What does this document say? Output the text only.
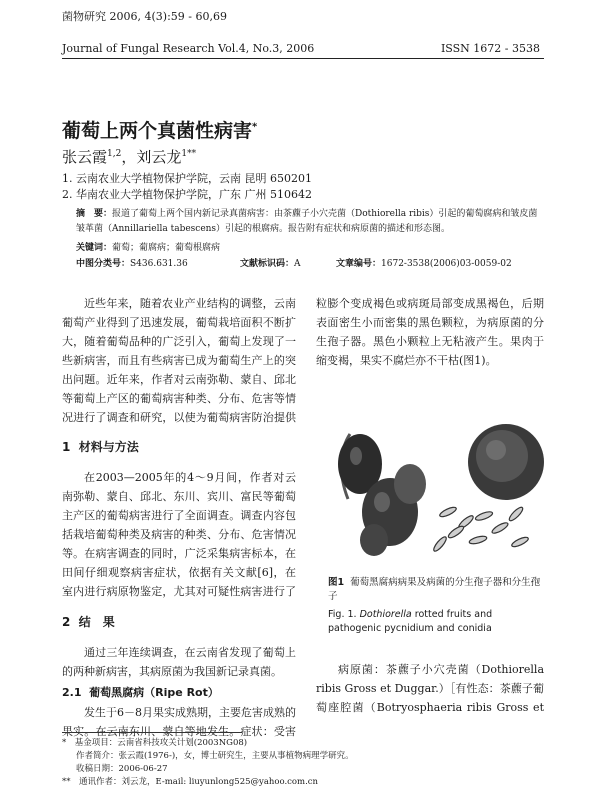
菌物研究 2006, 4(3):59 - 60,69
Journal of Fungal Research Vol.4, No.3, 2006	ISSN 1672 - 3538
葡萄上两个真菌性病害*
张云霞$^{1,2}$，刘云龙$^{1**}$
1. 云南农业大学植物保护学院，云南 昆明 650201
2. 华南农业大学植物保护学院，广东 广州 510642
摘　要：报道了葡萄上两个国内新记录真菌病害：由茶藨子小穴壳菌（Dothiorella ribis）引起的葡萄腐病和皱皮菌
皱革菌（Annillariella tabescens）引起的根腐病。报告附有症状和病原菌的描述和形态图。
关键词：葡萄；葡腐病；葡萄根腐病
中图分类号：S436.631.36	文献标识码：A	文章编号：1672-3538(2006)03-0059-02

近些年来，随着农业产业结构的调整，云南葡萄产业得到了迅速发展，葡萄栽培面积不断扩大，随着葡萄品种的广泛引入，葡萄上发现了一些新病害，而且有些病害已成为葡萄生产上的突出问题。近年来，作者对云南弥勒、蒙自、邱北等葡萄上产区的葡萄病害种类、分布、危害等情况进行了调查和研究，以使为葡萄病害防治提供

1 材料与方法

在2003—2005年的4～9月间，作者对云南弥勒、蒙自、邱北、东川、宾川、富民等葡萄主产区的葡萄病害进行了全面调查。调查内容包括栽培葡萄种类及病害的种类、分布、危害情况等。在病害调查的同时，广泛采集病害标本，在田间仔细观察病害症状，依据有关文献[6]，在室内进行病原物鉴定，尤其对可疑性病害进行了

2 结　果

通过三年连续调查，在云南省发现了葡萄上的两种新病害，其病原菌为我国新记录真菌。

2.1 葡萄黑腐病（Ripe Rot）

发生于6－8月果实成熟期，主要危害成熟的果实。在云南东川、蒙自等地发生。症状：受害

粒膨个变成褐色或病斑局部变成黑褐色，后期表面密生小而密集的黑色颗粒，为病原菌的分生孢子器。黑色小颗粒上无粘液产生。果肉于缩变褐，果实不腐烂亦不干枯(图1)。

图1 葡萄黑腐病病果及病菌的分生孢子器和分生孢子
Fig. 1. Dothiorella rotted fruits and pathogenic pycnidium and conidia

病原菌：茶藨子小穴壳菌（Dothiorella ribis Gross et Duggar.）［有性态：茶藨子葡萄座腔菌（Botryosphaeria ribis Gross et

*　基金项目：云南省科技攻关计划(2003NG08)
作者简介：张云霞(1976-)，女，博士研究生，主要从事植物病理学研究。
收稿日期：2006-06-27
**　通讯作者：刘云龙，E-mail: liuyunlong525@yahoo.com.cn
